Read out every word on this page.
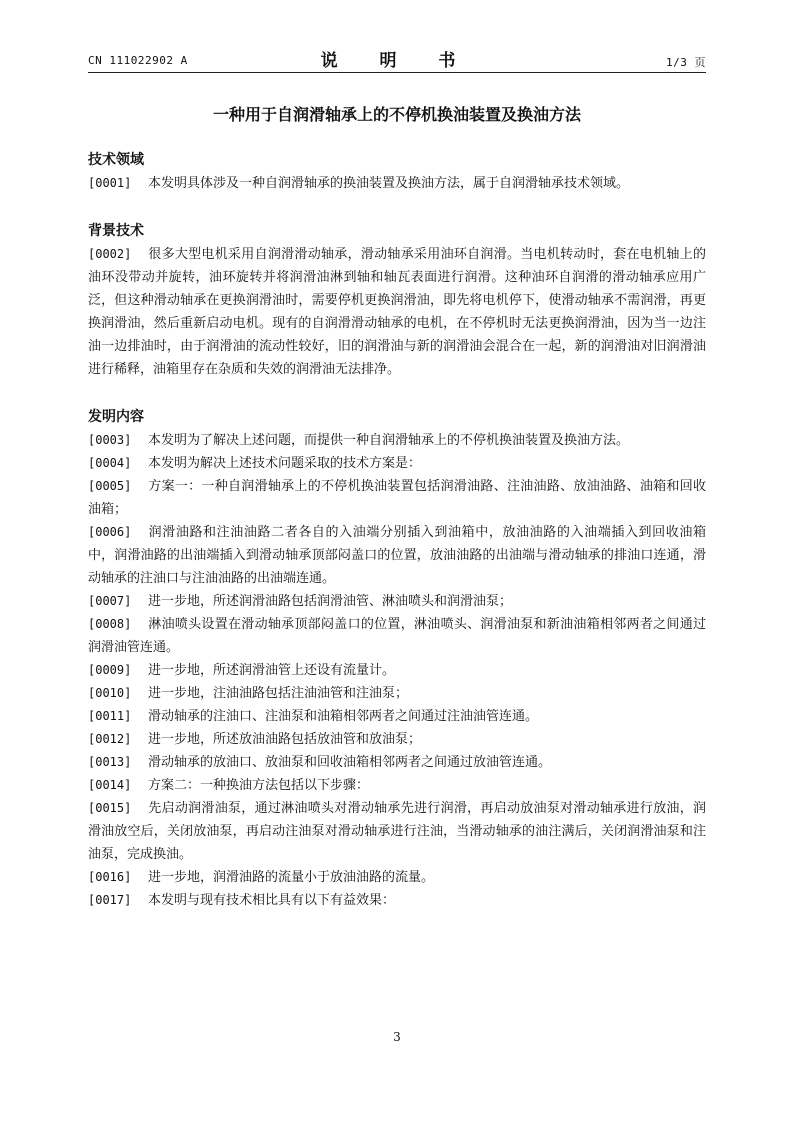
CN 111022902 A	说 明 书	1/3 页
一种用于自润滑轴承上的不停机换油装置及换油方法
技术领域
[0001] 本发明具体涉及一种自润滑轴承的换油装置及换油方法，属于自润滑轴承技术领域。
背景技术
[0002] 很多大型电机采用自润滑滑动轴承，滑动轴承采用油环自润滑。当电机转动时，套在电机轴上的油环没带动并旋转，油环旋转并将润滑油淋到轴和轴瓦表面进行润滑。这种油环自润滑的滑动轴承应用广泛，但这种滑动轴承在更换润滑油时，需要停机更换润滑油，即先将电机停下，使滑动轴承不需润滑，再更换润滑油，然后重新启动电机。现有的自润滑滑动轴承的电机，在不停机时无法更换润滑油，因为当一边注油一边排油时，由于润滑油的流动性较好，旧的润滑油与新的润滑油会混合在一起，新的润滑油对旧润滑油进行稀释，油箱里存在杂质和失效的润滑油无法排净。
发明内容
[0003] 本发明为了解决上述问题，而提供一种自润滑轴承上的不停机换油装置及换油方法。
[0004] 本发明为解决上述技术问题采取的技术方案是：
[0005] 方案一：一种自润滑轴承上的不停机换油装置包括润滑油路、注油油路、放油油路、油箱和回收油箱；
[0006] 润滑油路和注油油路二者各自的入油端分别插入到油箱中，放油油路的入油端插入到回收油箱中，润滑油路的出油端插入到滑动轴承顶部闷盖口的位置，放油油路的出油端与滑动轴承的排油口连通，滑动轴承的注油口与注油油路的出油端连通。
[0007] 进一步地，所述润滑油路包括润滑油管、淋油喷头和润滑油泵；
[0008] 淋油喷头设置在滑动轴承顶部闷盖口的位置，淋油喷头、润滑油泵和新油油箱相邻两者之间通过润滑油管连通。
[0009] 进一步地，所述润滑油管上还设有流量计。
[0010] 进一步地，注油油路包括注油油管和注油泵；
[0011] 滑动轴承的注油口、注油泵和油箱相邻两者之间通过注油油管连通。
[0012] 进一步地，所述放油油路包括放油管和放油泵；
[0013] 滑动轴承的放油口、放油泵和回收油箱相邻两者之间通过放油管连通。
[0014] 方案二：一种换油方法包括以下步骤：
[0015] 先启动润滑油泵，通过淋油喷头对滑动轴承先进行润滑，再启动放油泵对滑动轴承进行放油，润滑油放空后，关闭放油泵，再启动注油泵对滑动轴承进行注油，当滑动轴承的油注满后，关闭润滑油泵和注油泵，完成换油。
[0016] 进一步地，润滑油路的流量小于放油油路的流量。
[0017] 本发明与现有技术相比具有以下有益效果：
3
